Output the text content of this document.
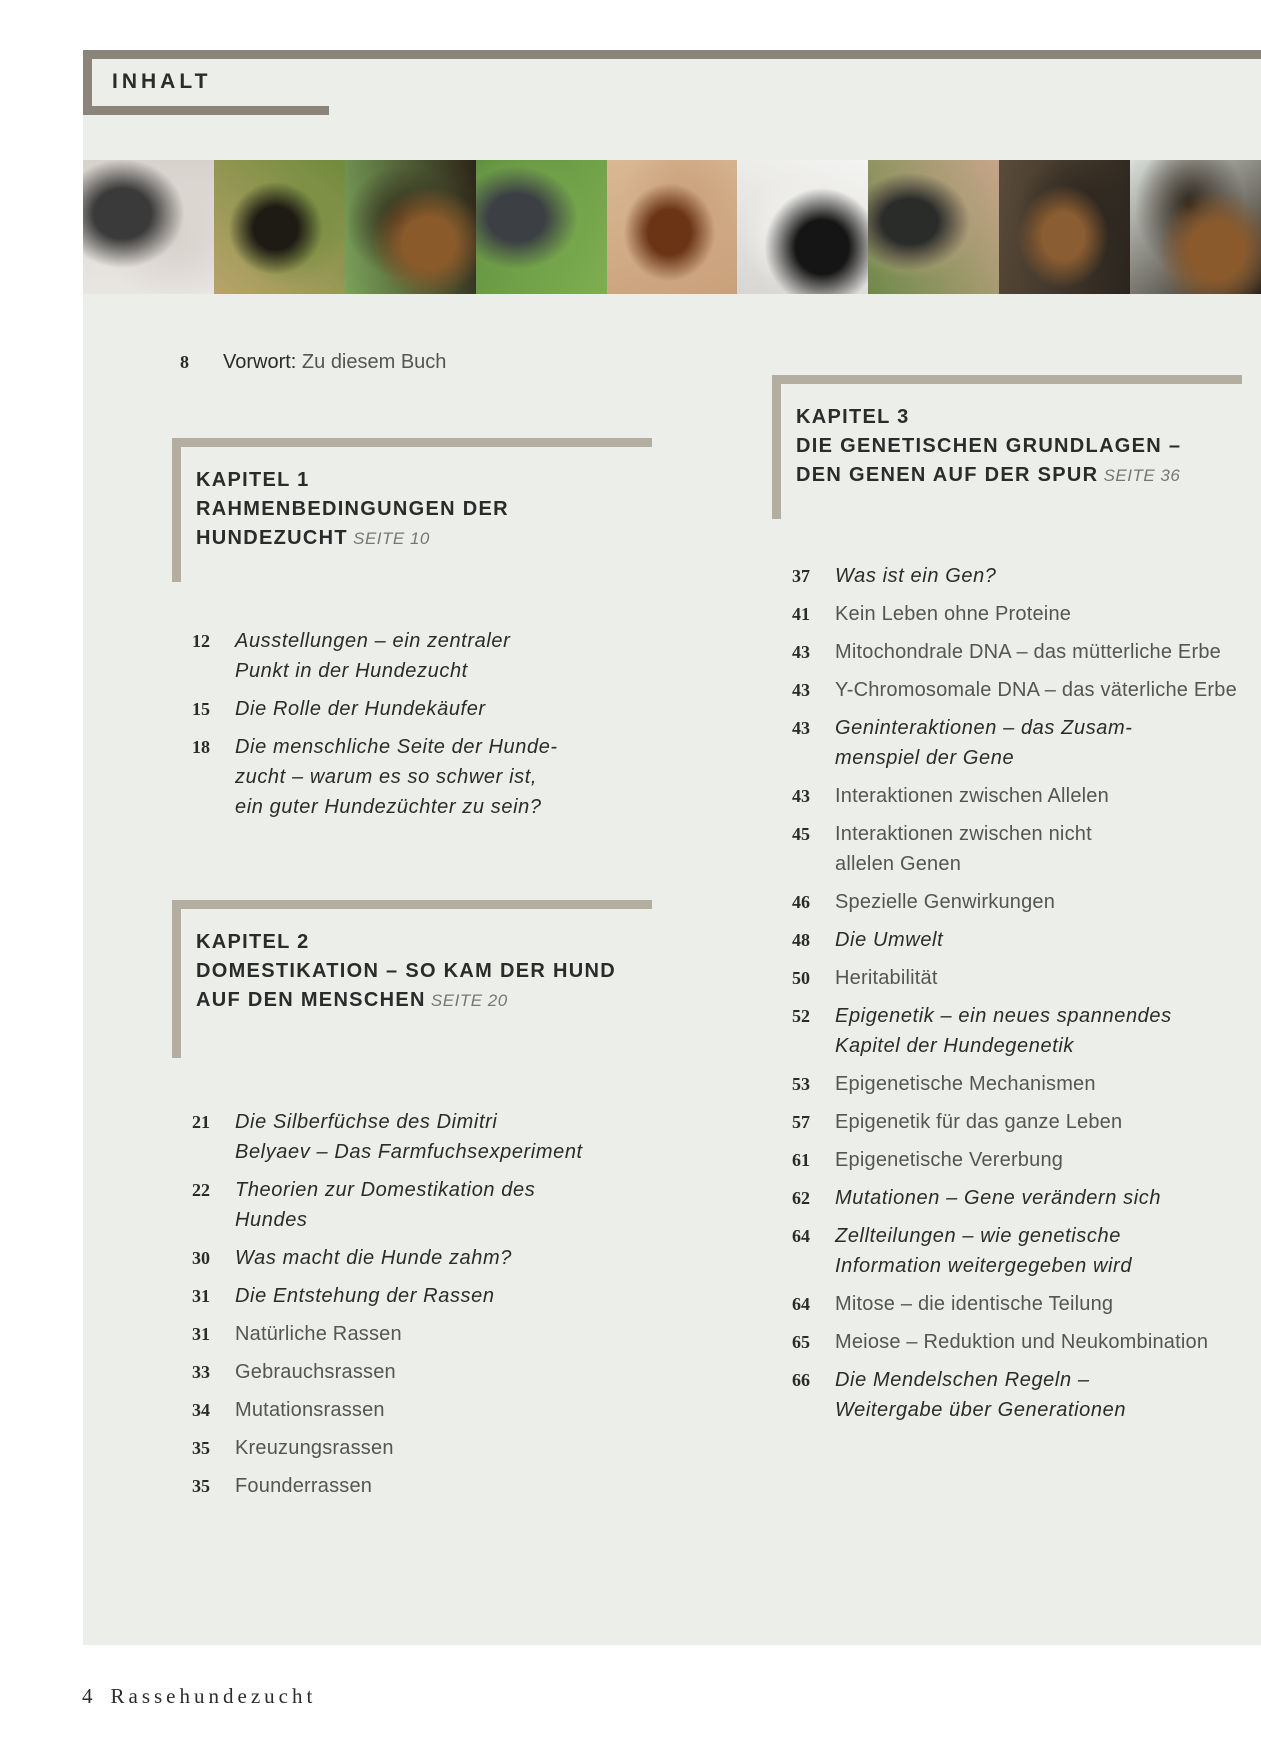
INHALT
8 Vorwort: Zu diesem Buch
KAPITEL 1
RAHMENBEDINGUNGEN DER
HUNDEZUCHT SEITE 10
12 Ausstellungen – ein zentraler
Punkt in der Hundezucht
15 Die Rolle der Hundekäufer
18 Die menschliche Seite der Hunde-
zucht – warum es so schwer ist,
ein guter Hundezüchter zu sein?
KAPITEL 2
DOMESTIKATION – SO KAM DER HUND
AUF DEN MENSCHEN SEITE 20
21 Die Silberfüchse des Dimitri
Belyaev – Das Farmfuchsexperiment
22 Theorien zur Domestikation des
Hundes
30 Was macht die Hunde zahm?
31 Die Entstehung der Rassen
31 Natürliche Rassen
33 Gebrauchsrassen
34 Mutationsrassen
35 Kreuzungsrassen
35 Founderrassen
KAPITEL 3
DIE GENETISCHEN GRUNDLAGEN –
DEN GENEN AUF DER SPUR SEITE 36
37 Was ist ein Gen?
41 Kein Leben ohne Proteine
43 Mitochondrale DNA – das mütterliche Erbe
43 Y-Chromosomale DNA – das väterliche Erbe
43 Geninteraktionen – das Zusam-
menspiel der Gene
43 Interaktionen zwischen Allelen
45 Interaktionen zwischen nicht
allelen Genen
46 Spezielle Genwirkungen
48 Die Umwelt
50 Heritabilität
52 Epigenetik – ein neues spannendes
Kapitel der Hundegenetik
53 Epigenetische Mechanismen
57 Epigenetik für das ganze Leben
61 Epigenetische Vererbung
62 Mutationen – Gene verändern sich
64 Zellteilungen – wie genetische
Information weitergegeben wird
64 Mitose – die identische Teilung
65 Meiose – Reduktion und Neukombination
66 Die Mendelschen Regeln –
Weitergabe über Generationen
4 Rassehundezucht
